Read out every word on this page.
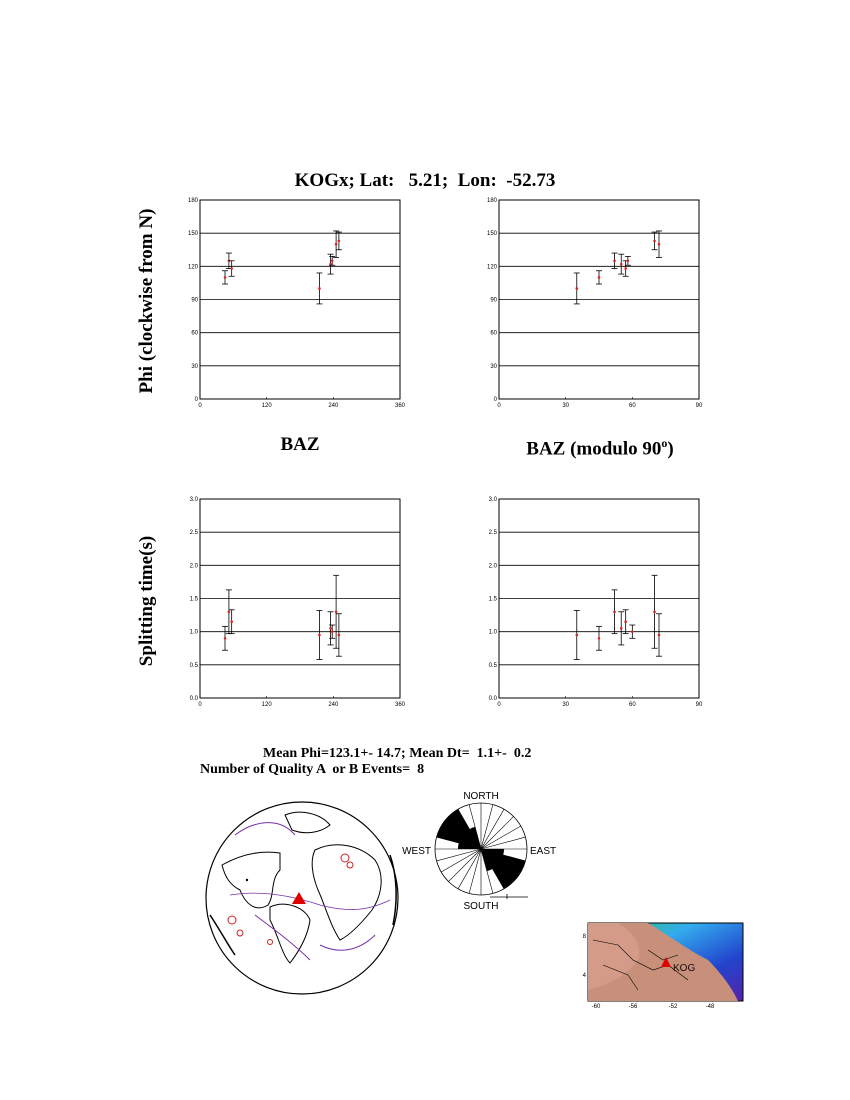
KOGx; Lat:   5.21;  Lon:  -52.73
Phi (clockwise from N)
Splitting time(s)
BAZ	BAZ (modulo 90$^o$)
0
30
60
90
120
150
180
0	120	240	360
0
30
60
90
120
150
180
0	30	60	90
0.0
0.5
1.0
1.5
2.0
2.5
3.0
0	120	240	360
0.0
0.5
1.0
1.5
2.0
2.5
3.0
0	30	60	90
Mean Phi=123.1+- 14.7; Mean Dt=  1.1+-  0.2
Number of Quality A  or B Events=  8
NORTH
SOUTH
EAST
WEST
KOG
8
4
-60	-56	-52	-48
